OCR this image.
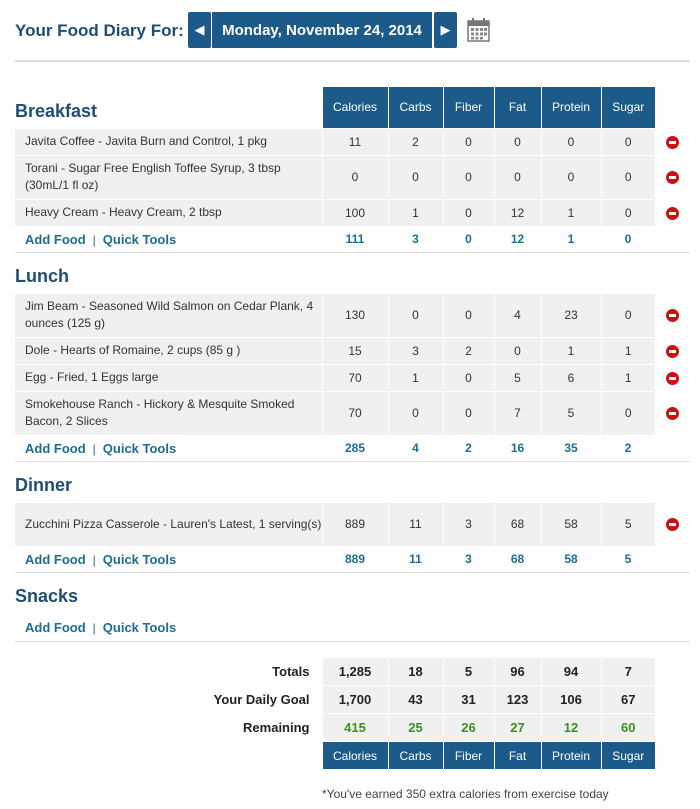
Your Food Diary For: ◀	Monday, November 24, 2014	▶
Breakfast	Calories	Carbs	Fiber	Fat	Protein	Sugar	
Javita Coffee - Javita Burn and Control, 1 pkg	11	2	0	0	0	0	
Torani - Sugar Free English Toffee Syrup, 3 tbsp (30mL/1 fl oz)	0	0	0	0	0	0	
Heavy Cream - Heavy Cream, 2 tbsp	100	1	0	12	1	0	
Add Food | Quick Tools	111	3	0	12	1	0	
Lunch							
Jim Beam - Seasoned Wild Salmon on Cedar Plank, 4 ounces (125 g)	130	0	0	4	23	0	
Dole - Hearts of Romaine, 2 cups (85 g )	15	3	2	0	1	1	
Egg - Fried, 1 Eggs large	70	1	0	5	6	1	
Smokehouse Ranch - Hickory & Mesquite Smoked Bacon, 2 Slices	70	0	0	7	5	0	
Add Food | Quick Tools	285	4	2	16	35	2	
Dinner							
Zucchini Pizza Casserole - Lauren's Latest, 1 serving(s)	889	11	3	68	58	5	
Add Food | Quick Tools	889	11	3	68	58	5	
Snacks							
Add Food | Quick Tools							

Totals	1,285	18	5	96	94	7	
Your Daily Goal	1,700	43	31	123	106	67	
Remaining	415	25	26	27	12	60	
	Calories	Carbs	Fiber	Fat	Protein	Sugar	
*You've earned 350 extra calories from exercise today
